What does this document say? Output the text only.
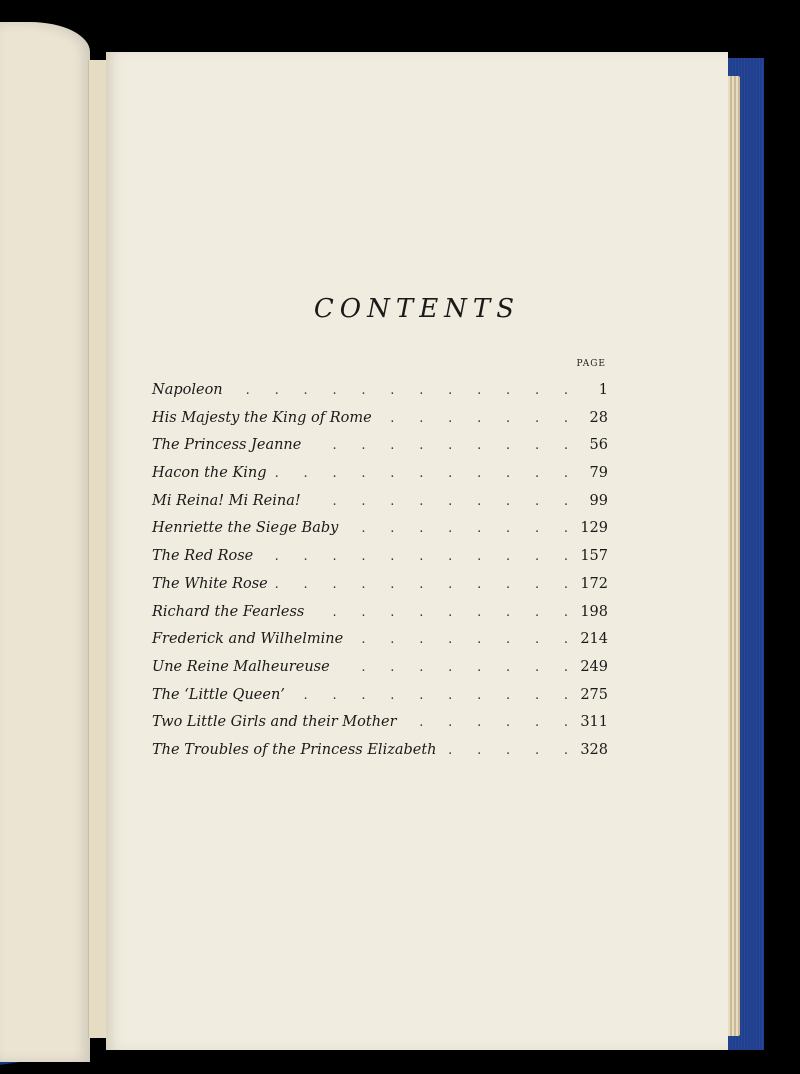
CONTENTS
PAGE
Napoleon .	1
His Majesty the King of Rome .	28
The Princess Jeanne .	56
Hacon the King .	79
Mi Reina! Mi Reina! .	99
Henriette the Siege Baby .	129
The Red Rose .	157
The White Rose .	172
Richard the Fearless .	198
Frederick and Wilhelmine .	214
Une Reine Malheureuse .	249
The ‘Little Queen’ .	275
Two Little Girls and their Mother .	311
The Troubles of the Princess Elizabeth .	328
